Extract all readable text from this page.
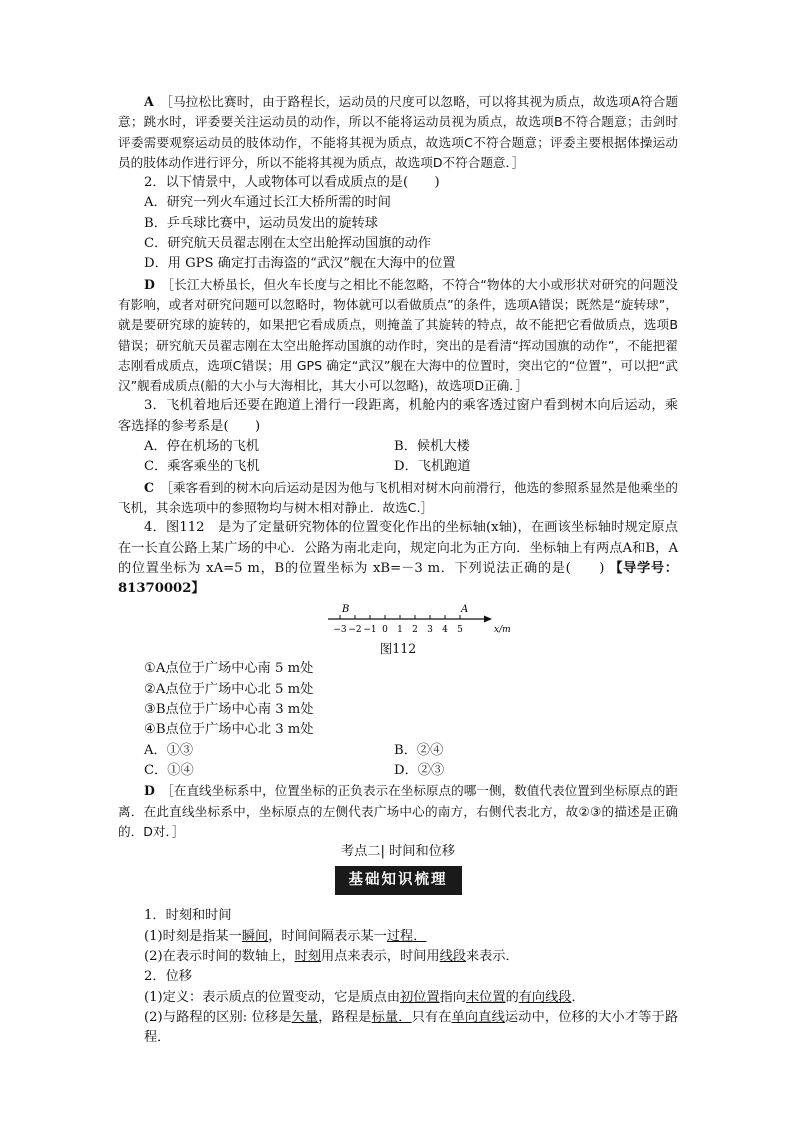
A　 ［马拉松比赛时，由于路程长，运动员的尺度可以忽略，可以将其视为质点，故选项A符合题意；跳水时，评委要关注运动员的动作，所以不能将运动员视为质点，故选项B不符合题意；击剑时评委需要观察运动员的肢体动作，不能将其视为质点，故选项C不符合题意；评委主要根据体操运动员的肢体动作进行评分，所以不能将其视为质点，故选项D不符合题意．］

2．以下情景中，人或物体可以看成质点的是(　　)

A．研究一列火车通过长江大桥所需的时间

B．乒乓球比赛中，运动员发出的旋转球

C．研究航天员翟志刚在太空出舱挥动国旗的动作

D．用 GPS 确定打击海盗的“武汉”舰在大海中的位置

D　 ［长江大桥虽长，但火车长度与之相比不能忽略，不符合“物体的大小或形状对研究的问题没有影响，或者对研究问题可以忽略时，物体就可以看做质点”的条件，选项A错误；既然是“旋转球”，就是要研究球的旋转的，如果把它看成质点，则掩盖了其旋转的特点，故不能把它看做质点，选项B错误；研究航天员翟志刚在太空出舱挥动国旗的动作时，突出的是看清“挥动国旗的动作”，不能把翟志刚看成质点，选项C错误；用 GPS 确定“武汉”舰在大海中的位置时，突出它的“位置”，可以把“武汉”舰看成质点(船的大小与大海相比，其大小可以忽略)，故选项D正确．］

3．飞机着地后还要在跑道上滑行一段距离，机舱内的乘客透过窗户看到树木向后运动，乘客选择的参考系是(　　)

A．停在机场的飞机	B．候机大楼
C．乘客乘坐的飞机	D．飞机跑道

C　 ［乘客看到的树木向后运动是因为他与飞机相对树木向前滑行，他选的参照系显然是他乘坐的飞机，其余选项中的参照物均与树木相对静止．故选C.］

4．图112　是为了定量研究物体的位置变化作出的坐标轴(x轴)，在画该坐标轴时规定原点在一长直公路上某广场的中心．公路为南北走向，规定向北为正方向．坐标轴上有两点A和B，A的位置坐标为 xA=5 m，B的位置坐标为 xB=－3 m．下列说法正确的是(　　) 【导学号：81370002】

−3 −2 −1 0 1 2 3 4 5
B	A
x/m
图112

①A点位于广场中心南 5 m处

②A点位于广场中心北 5 m处

③B点位于广场中心南 3 m处

④B点位于广场中心北 3 m处

A．①③	B．②④
C．①④	D．②③

D　 ［在直线坐标系中，位置坐标的正负表示在坐标原点的哪一侧，数值代表位置到坐标原点的距离．在此直线坐标系中，坐标原点的左侧代表广场中心的南方，右侧代表北方，故②③的描述是正确的．D对．］

考点二| 时间和位移

基础知识梳理

1．时刻和时间

(1)时刻是指某一瞬间，时间间隔表示某一过程．

(2)在表示时间的数轴上，时刻用点来表示，时间用线段来表示．

2．位移

(1)定义：表示质点的位置变动，它是质点由初位置指向末位置的有向线段．

(2)与路程的区别: 位移是矢量，路程是标量．只有在单向直线运动中，位移的大小才等于路程．
